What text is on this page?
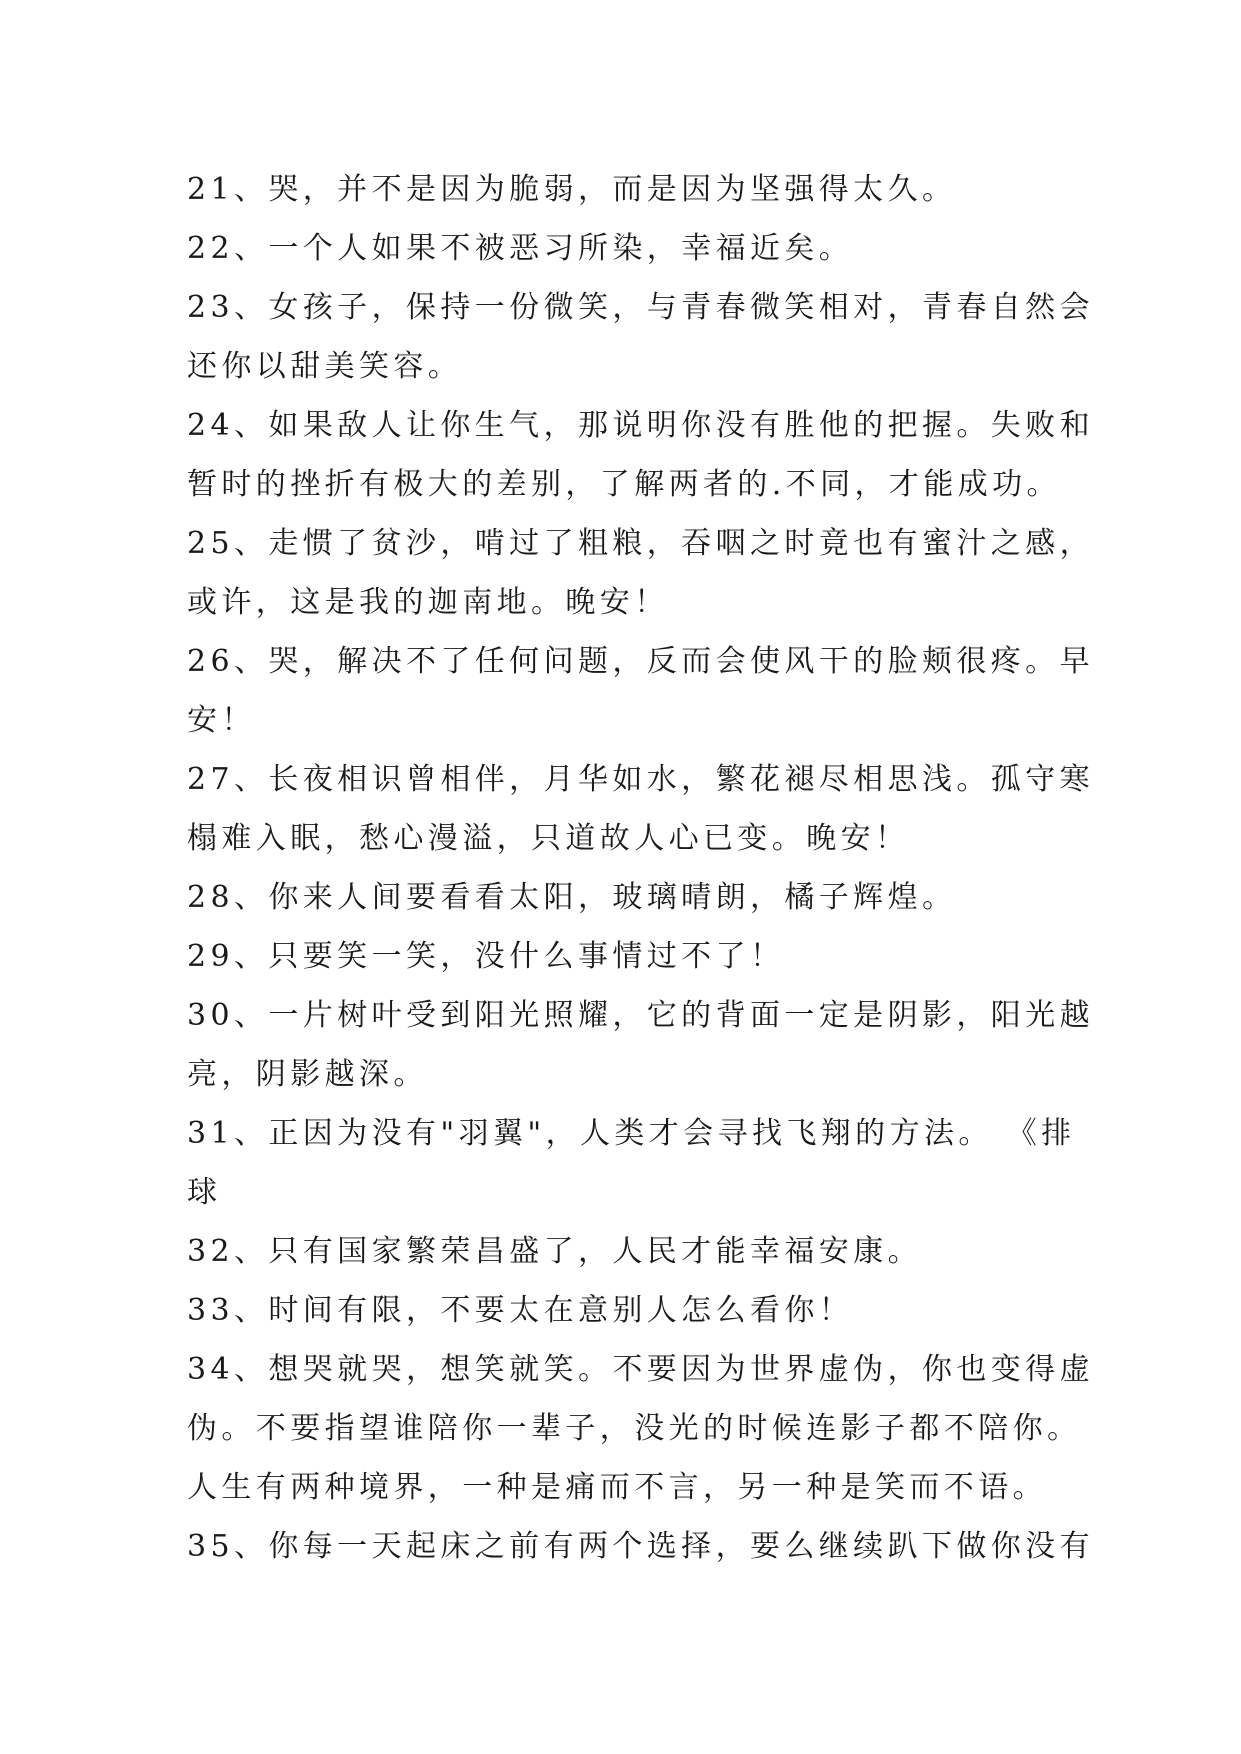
21、哭，并不是因为脆弱，而是因为坚强得太久。
22、一个人如果不被恶习所染，幸福近矣。
23、女孩子，保持一份微笑，与青春微笑相对，青春自然会
还你以甜美笑容。
24、如果敌人让你生气，那说明你没有胜他的把握。失败和
暂时的挫折有极大的差别，了解两者的.不同，才能成功。
25、走惯了贫沙，啃过了粗粮，吞咽之时竟也有蜜汁之感，
或许，这是我的迦南地。晚安！
26、哭，解决不了任何问题，反而会使风干的脸颊很疼。早
安！
27、长夜相识曾相伴，月华如水，繁花褪尽相思浅。孤守寒
榻难入眠，愁心漫溢，只道故人心已变。晚安！
28、你来人间要看看太阳，玻璃晴朗，橘子辉煌。
29、只要笑一笑，没什么事情过不了！
30、一片树叶受到阳光照耀，它的背面一定是阴影，阳光越
亮，阴影越深。
31、正因为没有"羽翼"，人类才会寻找飞翔的方法。 《排
球
32、只有国家繁荣昌盛了，人民才能幸福安康。
33、时间有限，不要太在意别人怎么看你！
34、想哭就哭，想笑就笑。不要因为世界虚伪，你也变得虚
伪。不要指望谁陪你一辈子，没光的时候连影子都不陪你。
人生有两种境界，一种是痛而不言，另一种是笑而不语。
35、你每一天起床之前有两个选择，要么继续趴下做你没有
